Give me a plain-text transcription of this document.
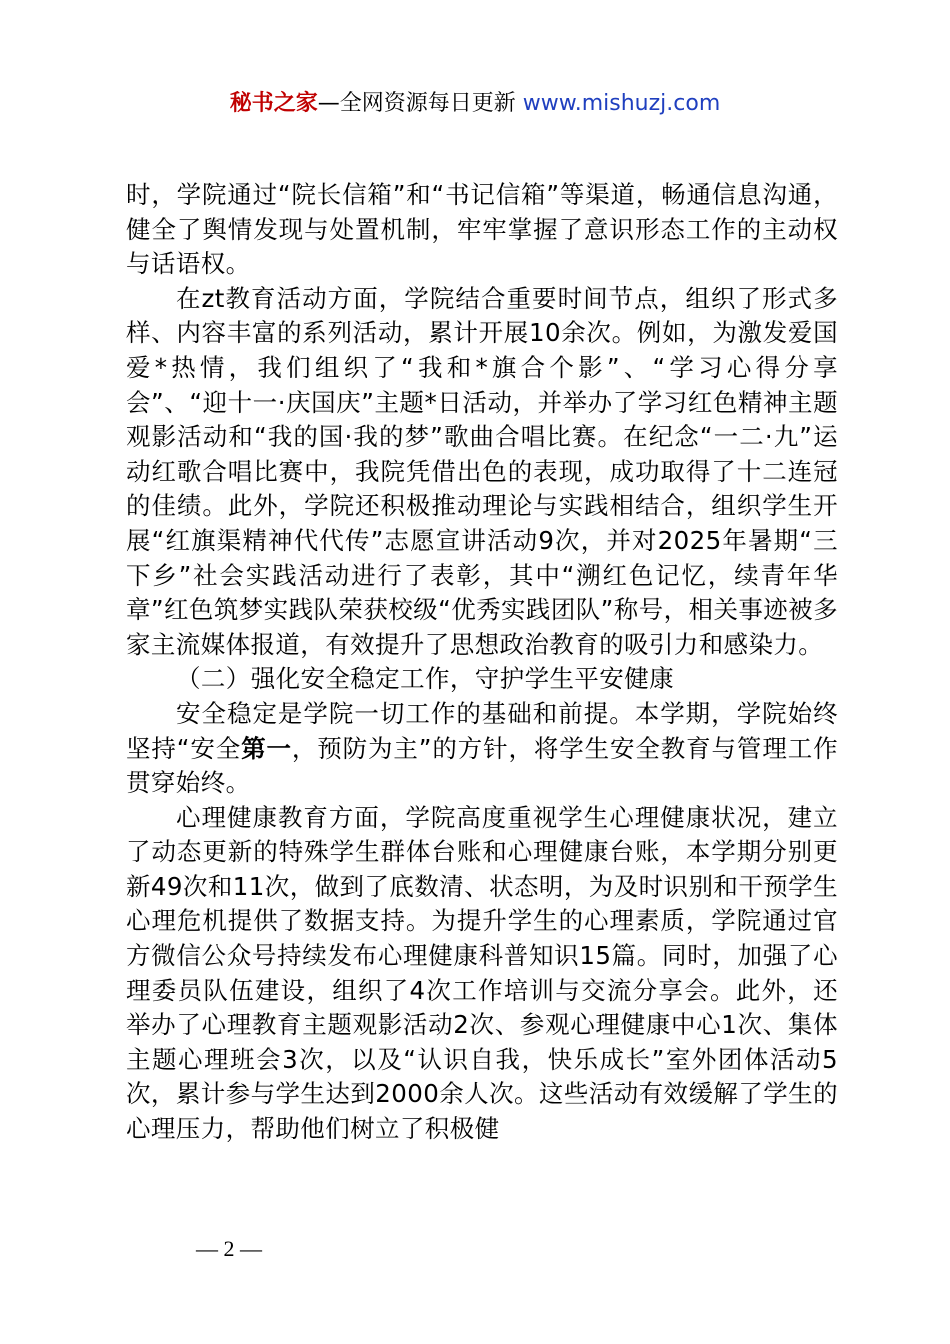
秘书之家—全网资源每日更新 www.mishuzj.com

时，学院通过“院长信箱”和“书记信箱”等渠道，畅通信息沟通，健全了舆情发现与处置机制，牢牢掌握了意识形态工作的主动权与话语权。

在zt教育活动方面，学院结合重要时间节点，组织了形式多样、内容丰富的系列活动，累计开展10余次。例如，为激发爱国爱*热情，我们组织了“我和*旗合个影”、“学习心得分享会”、“迎十一·庆国庆”主题*日活动，并举办了学习红色精神主题观影活动和“我的国·我的梦”歌曲合唱比赛。在纪念“一二·九”运动红歌合唱比赛中，我院凭借出色的表现，成功取得了十二连冠的佳绩。此外，学院还积极推动理论与实践相结合，组织学生开展“红旗渠精神代代传”志愿宣讲活动9次，并对2025年暑期“三下乡”社会实践活动进行了表彰，其中“溯红色记忆，续青年华章”红色筑梦实践队荣获校级“优秀实践团队”称号，相关事迹被多家主流媒体报道，有效提升了思想政治教育的吸引力和感染力。

（二）强化安全稳定工作，守护学生平安健康

安全稳定是学院一切工作的基础和前提。本学期，学院始终坚持“安全第一，预防为主”的方针，将学生安全教育与管理工作贯穿始终。

心理健康教育方面，学院高度重视学生心理健康状况，建立了动态更新的特殊学生群体台账和心理健康台账，本学期分别更新49次和11次，做到了底数清、状态明，为及时识别和干预学生心理危机提供了数据支持。为提升学生的心理素质，学院通过官方微信公众号持续发布心理健康科普知识15篇。同时，加强了心理委员队伍建设，组织了4次工作培训与交流分享会。此外，还举办了心理教育主题观影活动2次、参观心理健康中心1次、集体主题心理班会3次，以及“认识自我，快乐成长”室外团体活动5次，累计参与学生达到2000余人次。这些活动有效缓解了学生的心理压力，帮助他们树立了积极健

— 2 —
